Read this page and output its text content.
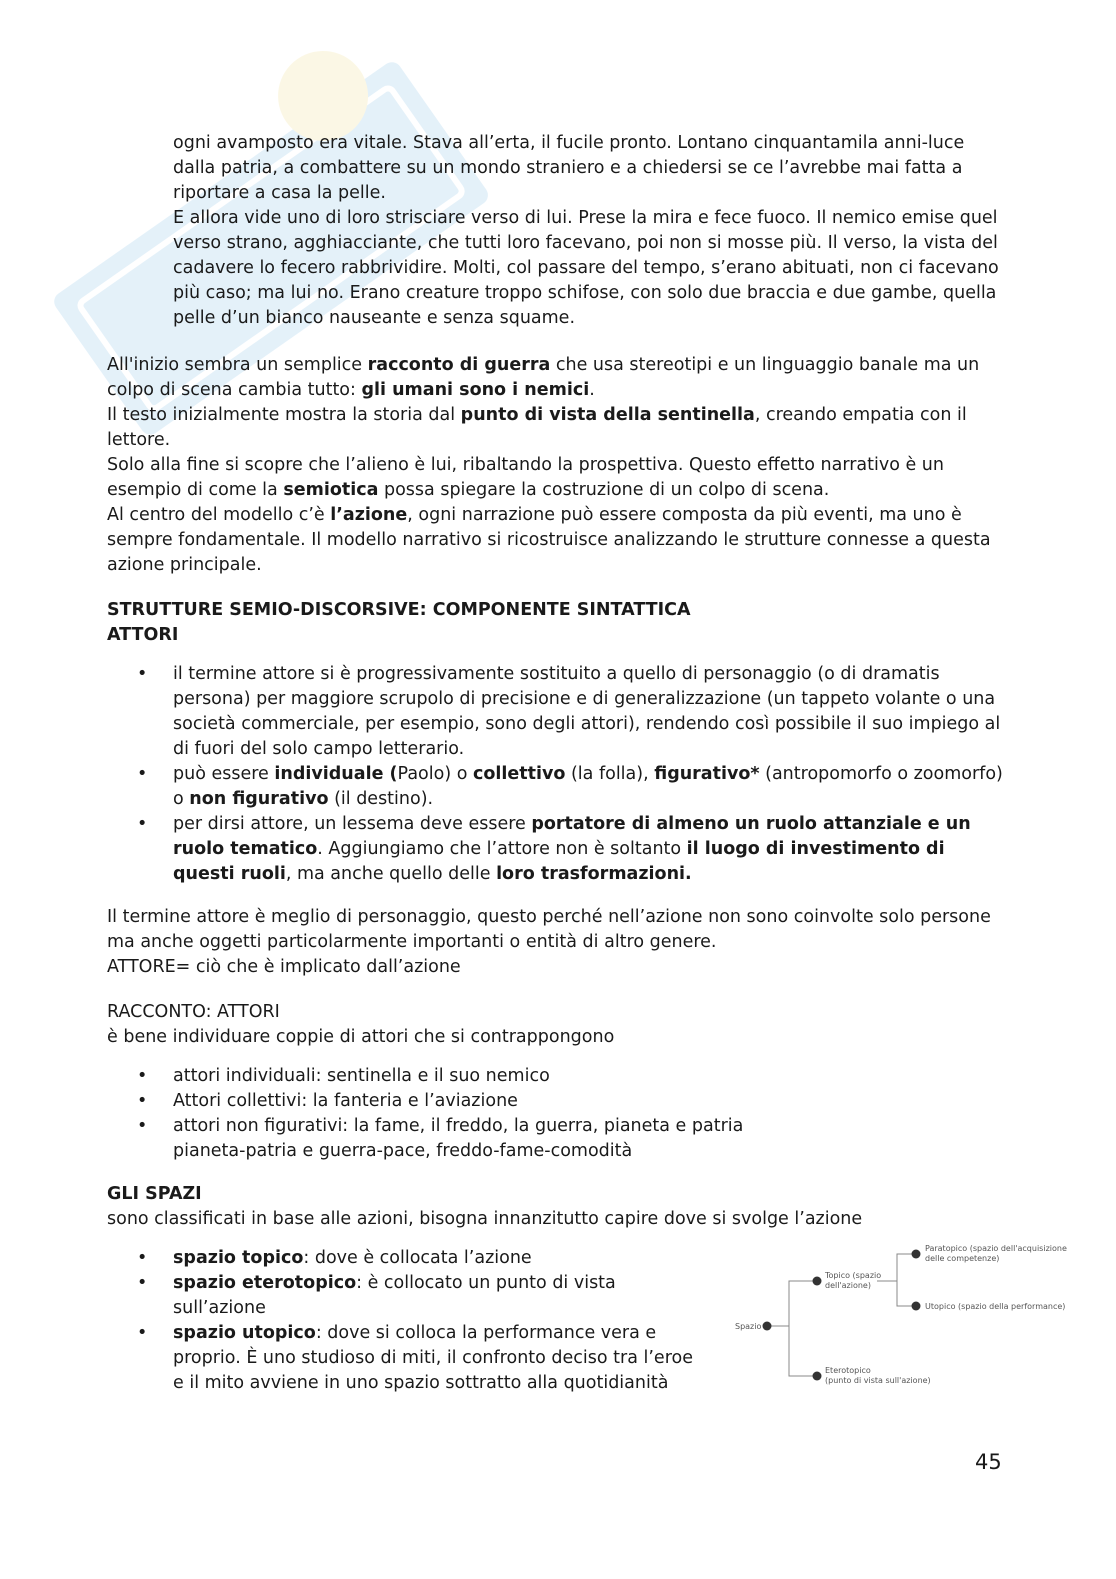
ogni avamposto era vitale. Stava all’erta, il fucile pronto. Lontano cinquantamila anni-luce dalla patria, a combattere su un mondo straniero e a chiedersi se ce l’avrebbe mai fatta a riportare a casa la pelle.

E allora vide uno di loro strisciare verso di lui. Prese la mira e fece fuoco. Il nemico emise quel verso strano, agghiacciante, che tutti loro facevano, poi non si mosse più. Il verso, la vista del cadavere lo fecero rabbrividire. Molti, col passare del tempo, s’erano abituati, non ci facevano più caso; ma lui no. Erano creature troppo schifose, con solo due braccia e due gambe, quella pelle d’un bianco nauseante e senza squame.

All'inizio sembra un semplice racconto di guerra che usa stereotipi e un linguaggio banale ma un colpo di scena cambia tutto: gli umani sono i nemici.

Il testo inizialmente mostra la storia dal punto di vista della sentinella, creando empatia con il lettore.

Solo alla fine si scopre che l’alieno è lui, ribaltando la prospettiva. Questo effetto narrativo è un esempio di come la semiotica possa spiegare la costruzione di un colpo di scena.

Al centro del modello c’è l’azione, ogni narrazione può essere composta da più eventi, ma uno è sempre fondamentale. Il modello narrativo si ricostruisce analizzando le strutture connesse a questa azione principale.

STRUTTURE SEMIO-DISCORSIVE: COMPONENTE SINTATTICA
ATTORI
• il termine attore si è progressivamente sostituito a quello di personaggio (o di dramatis persona) per maggiore scrupolo di precisione e di generalizzazione (un tappeto volante o una società commerciale, per esempio, sono degli attori), rendendo così possibile il suo impiego al di fuori del solo campo letterario.
• può essere individuale (Paolo) o collettivo (la folla), figurativo* (antropomorfo o zoomorfo) o non figurativo (il destino).
• per dirsi attore, un lessema deve essere portatore di almeno un ruolo attanziale e un ruolo tematico. Aggiungiamo che l’attore non è soltanto il luogo di investimento di questi ruoli, ma anche quello delle loro trasformazioni.

Il termine attore è meglio di personaggio, questo perché nell’azione non sono coinvolte solo persone ma anche oggetti particolarmente importanti o entità di altro genere.

ATTORE= ciò che è implicato dall’azione

RACCONTO: ATTORI

è bene individuare coppie di attori che si contrappongono

• attori individuali: sentinella e il suo nemico
• Attori collettivi: la fanteria e l’aviazione
• attori non figurativi: la fame, il freddo, la guerra, pianeta e patria
pianeta-patria e guerra-pace, freddo-fame-comodità
GLI SPAZI

sono classificati in base alle azioni, bisogna innanzitutto capire dove si svolge l’azione

• spazio topico: dove è collocata l’azione
• spazio eterotopico: è collocato un punto di vista sull’azione
• spazio utopico: dove si colloca la performance vera e proprio. È uno studioso di miti, il confronto deciso tra l’eroe e il mito avviene in uno spazio sottratto alla quotidianità
Spazio
Topico (spazio
dell'azione)
Paratopico (spazio dell'acquisizione
delle competenze)
Utopico (spazio della performance)
Eterotopico
(punto di vista sull'azione)
45
